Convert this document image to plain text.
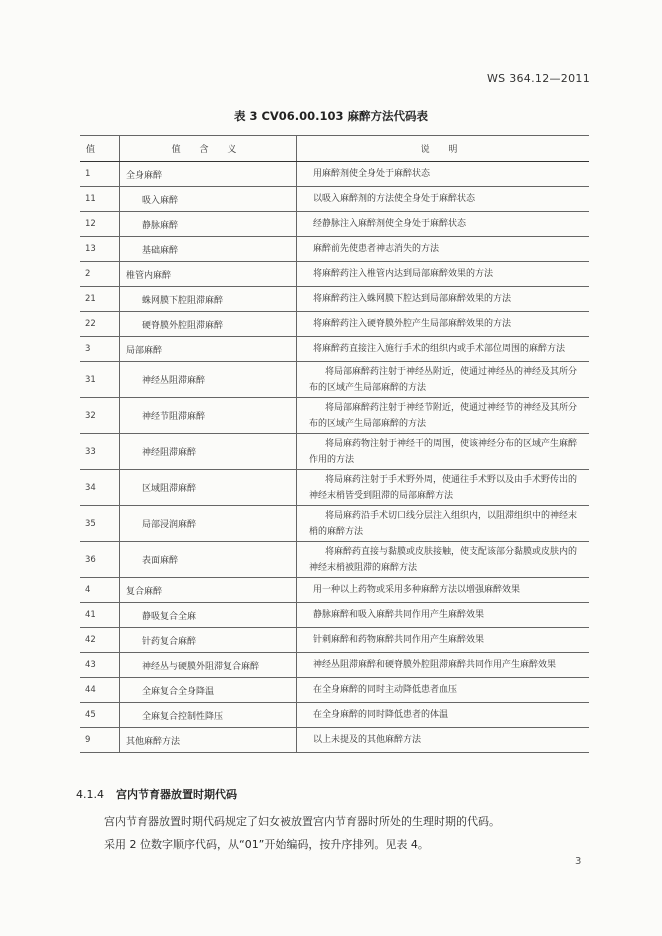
WS 364.12—2011
表 3 CV06.00.103 麻醉方法代码表
值	值 含 义	说 明
1	全身麻醉	用麻醉剂使全身处于麻醉状态
11	吸入麻醉	以吸入麻醉剂的方法使全身处于麻醉状态
12	静脉麻醉	经静脉注入麻醉剂使全身处于麻醉状态
13	基础麻醉	麻醉前先使患者神志消失的方法
2	椎管内麻醉	将麻醉药注入椎管内达到局部麻醉效果的方法
21	蛛网膜下腔阻滞麻醉	将麻醉药注入蛛网膜下腔达到局部麻醉效果的方法
22	硬脊膜外腔阻滞麻醉	将麻醉药注入硬脊膜外腔产生局部麻醉效果的方法
3	局部麻醉	将麻醉药直接注入施行手术的组织内或手术部位周围的麻醉方法
31	神经丛阻滞麻醉	将局部麻醉药注射于神经丛附近，使通过神经丛的神经及其所分布的区域产生局部麻醉的方法
32	神经节阻滞麻醉	将局部麻醉药注射于神经节附近，使通过神经节的神经及其所分布的区域产生局部麻醉的方法
33	神经阻滞麻醉	将局麻药物注射于神经干的周围，使该神经分布的区域产生麻醉作用的方法
34	区域阻滞麻醉	将局麻药注射于手术野外周，使通往手术野以及由手术野传出的神经末梢皆受到阻滞的局部麻醉方法
35	局部浸润麻醉	将局麻药沿手术切口线分层注入组织内，以阻滞组织中的神经末梢的麻醉方法
36	表面麻醉	将麻醉药直接与黏膜或皮肤接触，使支配该部分黏膜或皮肤内的神经末梢被阻滞的麻醉方法
4	复合麻醉	用一种以上药物或采用多种麻醉方法以增强麻醉效果
41	静吸复合全麻	静脉麻醉和吸入麻醉共同作用产生麻醉效果
42	针药复合麻醉	针刺麻醉和药物麻醉共同作用产生麻醉效果
43	神经丛与硬膜外阻滞复合麻醉	神经丛阻滞麻醉和硬脊膜外腔阻滞麻醉共同作用产生麻醉效果
44	全麻复合全身降温	在全身麻醉的同时主动降低患者血压
45	全麻复合控制性降压	在全身麻醉的同时降低患者的体温
9	其他麻醉方法	以上未提及的其他麻醉方法
4.1.4 宫内节育器放置时期代码
宫内节育器放置时期代码规定了妇女被放置宫内节育器时所处的生理时期的代码。
采用 2 位数字顺序代码，从“01”开始编码，按升序排列。见表 4。
3
